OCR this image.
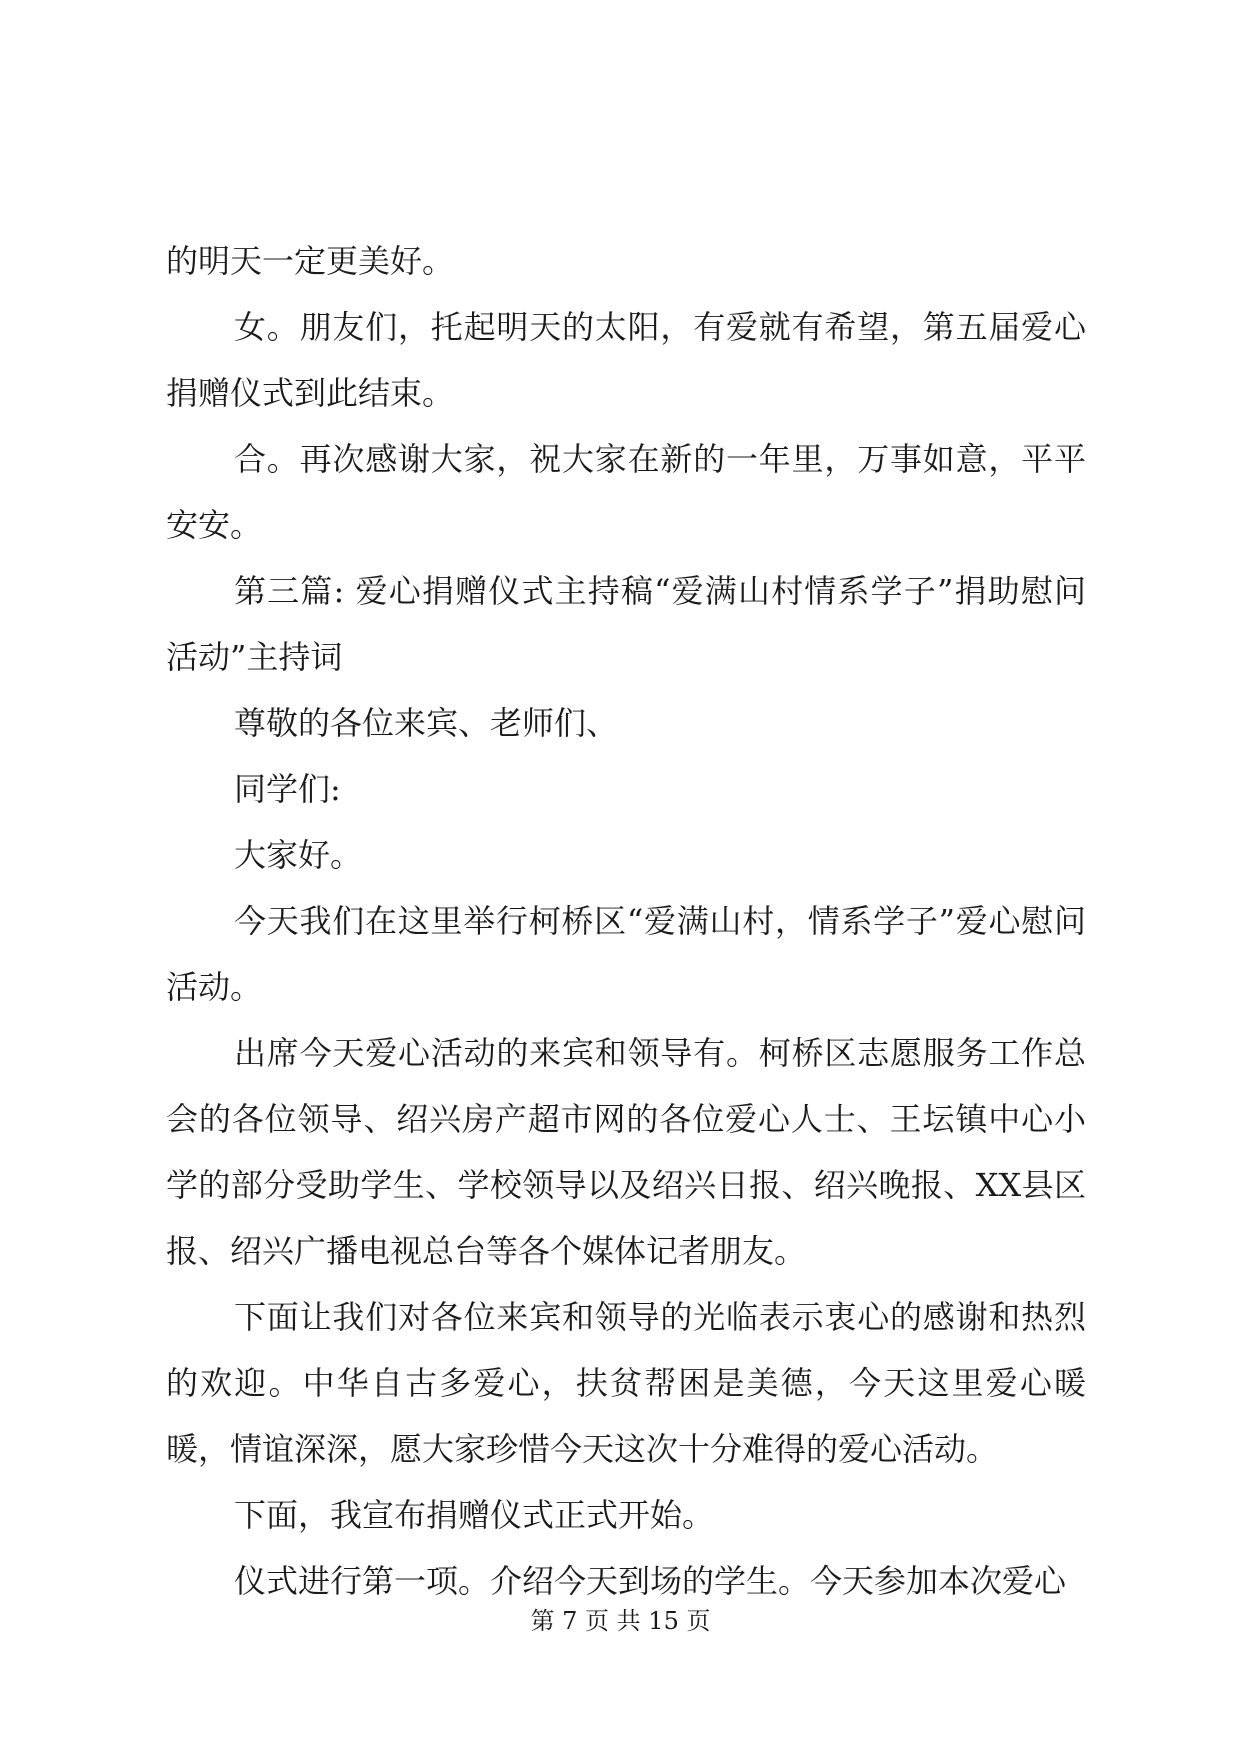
的明天一定更美好。

女。朋友们，托起明天的太阳，有爱就有希望，第五届爱心捐赠仪式到此结束。

合。再次感谢大家，祝大家在新的一年里，万事如意，平平安安。

第三篇: 爱心捐赠仪式主持稿“爱满山村情系学子”捐助慰问活动”主持词

尊敬的各位来宾、老师们、

同学们:

大家好。

今天我们在这里举行柯桥区“爱满山村，情系学子”爱心慰问活动。

出席今天爱心活动的来宾和领导有。柯桥区志愿服务工作总会的各位领导、绍兴房产超市网的各位爱心人士、王坛镇中心小学的部分受助学生、学校领导以及绍兴日报、绍兴晚报、XX县区报、绍兴广播电视总台等各个媒体记者朋友。

下面让我们对各位来宾和领导的光临表示衷心的感谢和热烈的欢迎。中华自古多爱心，扶贫帮困是美德，今天这里爱心暖暖，情谊深深，愿大家珍惜今天这次十分难得的爱心活动。

下面，我宣布捐赠仪式正式开始。

仪式进行第一项。介绍今天到场的学生。今天参加本次爱心

第 7 页 共 15 页
